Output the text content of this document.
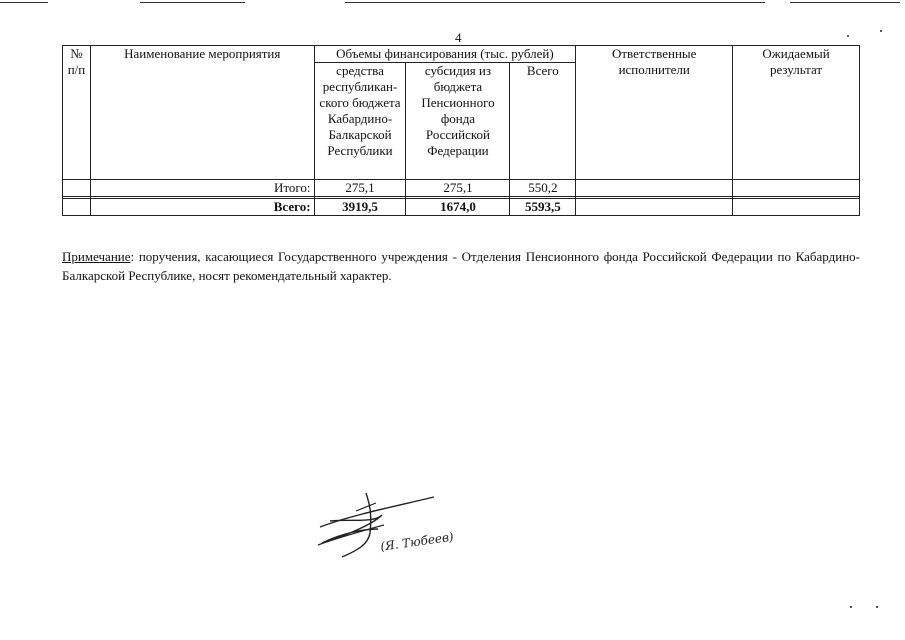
4
№ п/п	Наименование мероприятия	Объемы финансирования (тыс. рублей)			Ответственные исполнители	Ожидаемый результат
		средства республикан-ского бюджета Кабардино-Балкарской Республики	субсидия из бюджета Пенсионного фонда Российской Федерации	Всего		
	Итого:	275,1	275,1	550,2		

	Всего:	3919,5	1674,0	5593,5		
Примечание: поручения, касающиеся Государственного учреждения - Отделения Пенсионного фонда Российской Федерации по Кабардино-Балкарской Республике, носят рекомендательный характер.
(Я. Тюбеев)
